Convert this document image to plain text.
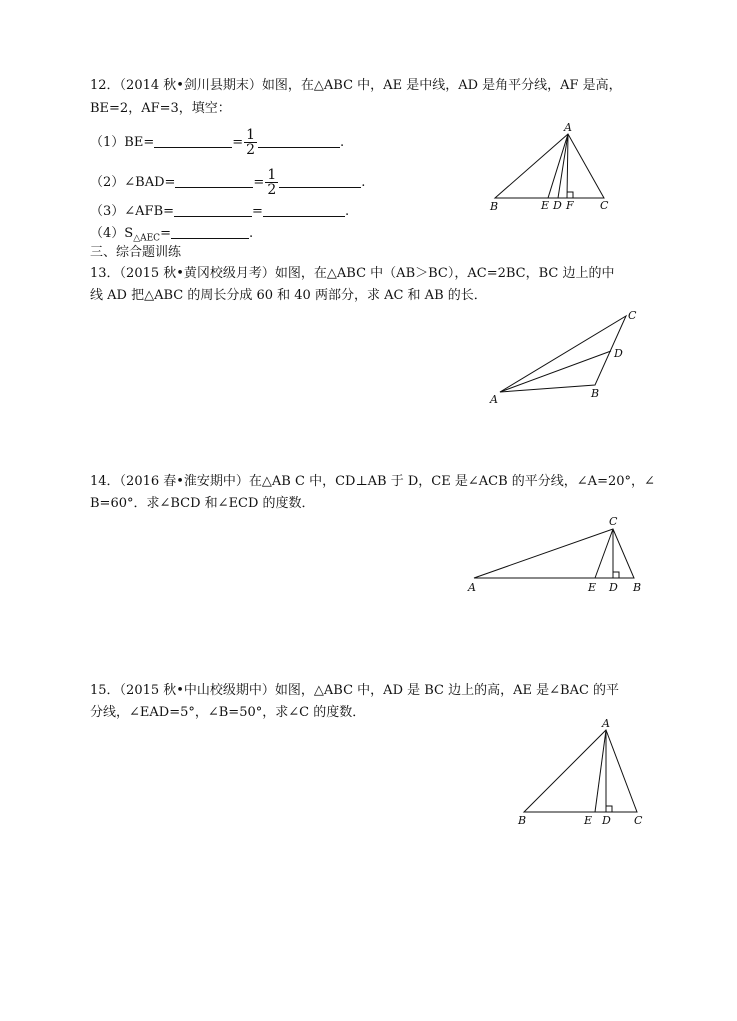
12．（2014 秋•剑川县期末）如图，在△ABC 中，AE 是中线，AD 是角平分线，AF 是高，
BE=2，AF=3，填空：
（1）BE=	= $\frac{1}{2}$	.
（2）∠BAD=	= $\frac{1}{2}$	.
（3）∠AFB=	=	.
$(4)S_{\triangle AEC}=$	.
A
B	E D F C
三、综合题训练
13．（2015 秋•黄冈校级月考）如图，在△ABC 中（AB＞BC），AC=2BC，BC 边上的中
线 AD 把△ABC 的周长分成 60 和 40 两部分，求 AC 和 AB 的长．
A	B
C
D
14．（2016 春•淮安期中）在△AB C 中，CD⊥AB 于 D，CE 是∠ACB 的平分线，∠A=20°，∠
B=60°．求∠BCD 和∠ECD 的度数．
A
C
E D B
15．（2015 秋•中山校级期中）如图，△ABC 中，AD 是 BC 边上的高，AE 是∠BAC 的平
分线，∠EAD=5°，∠B=50°，求∠C 的度数．
A
B	E D C
